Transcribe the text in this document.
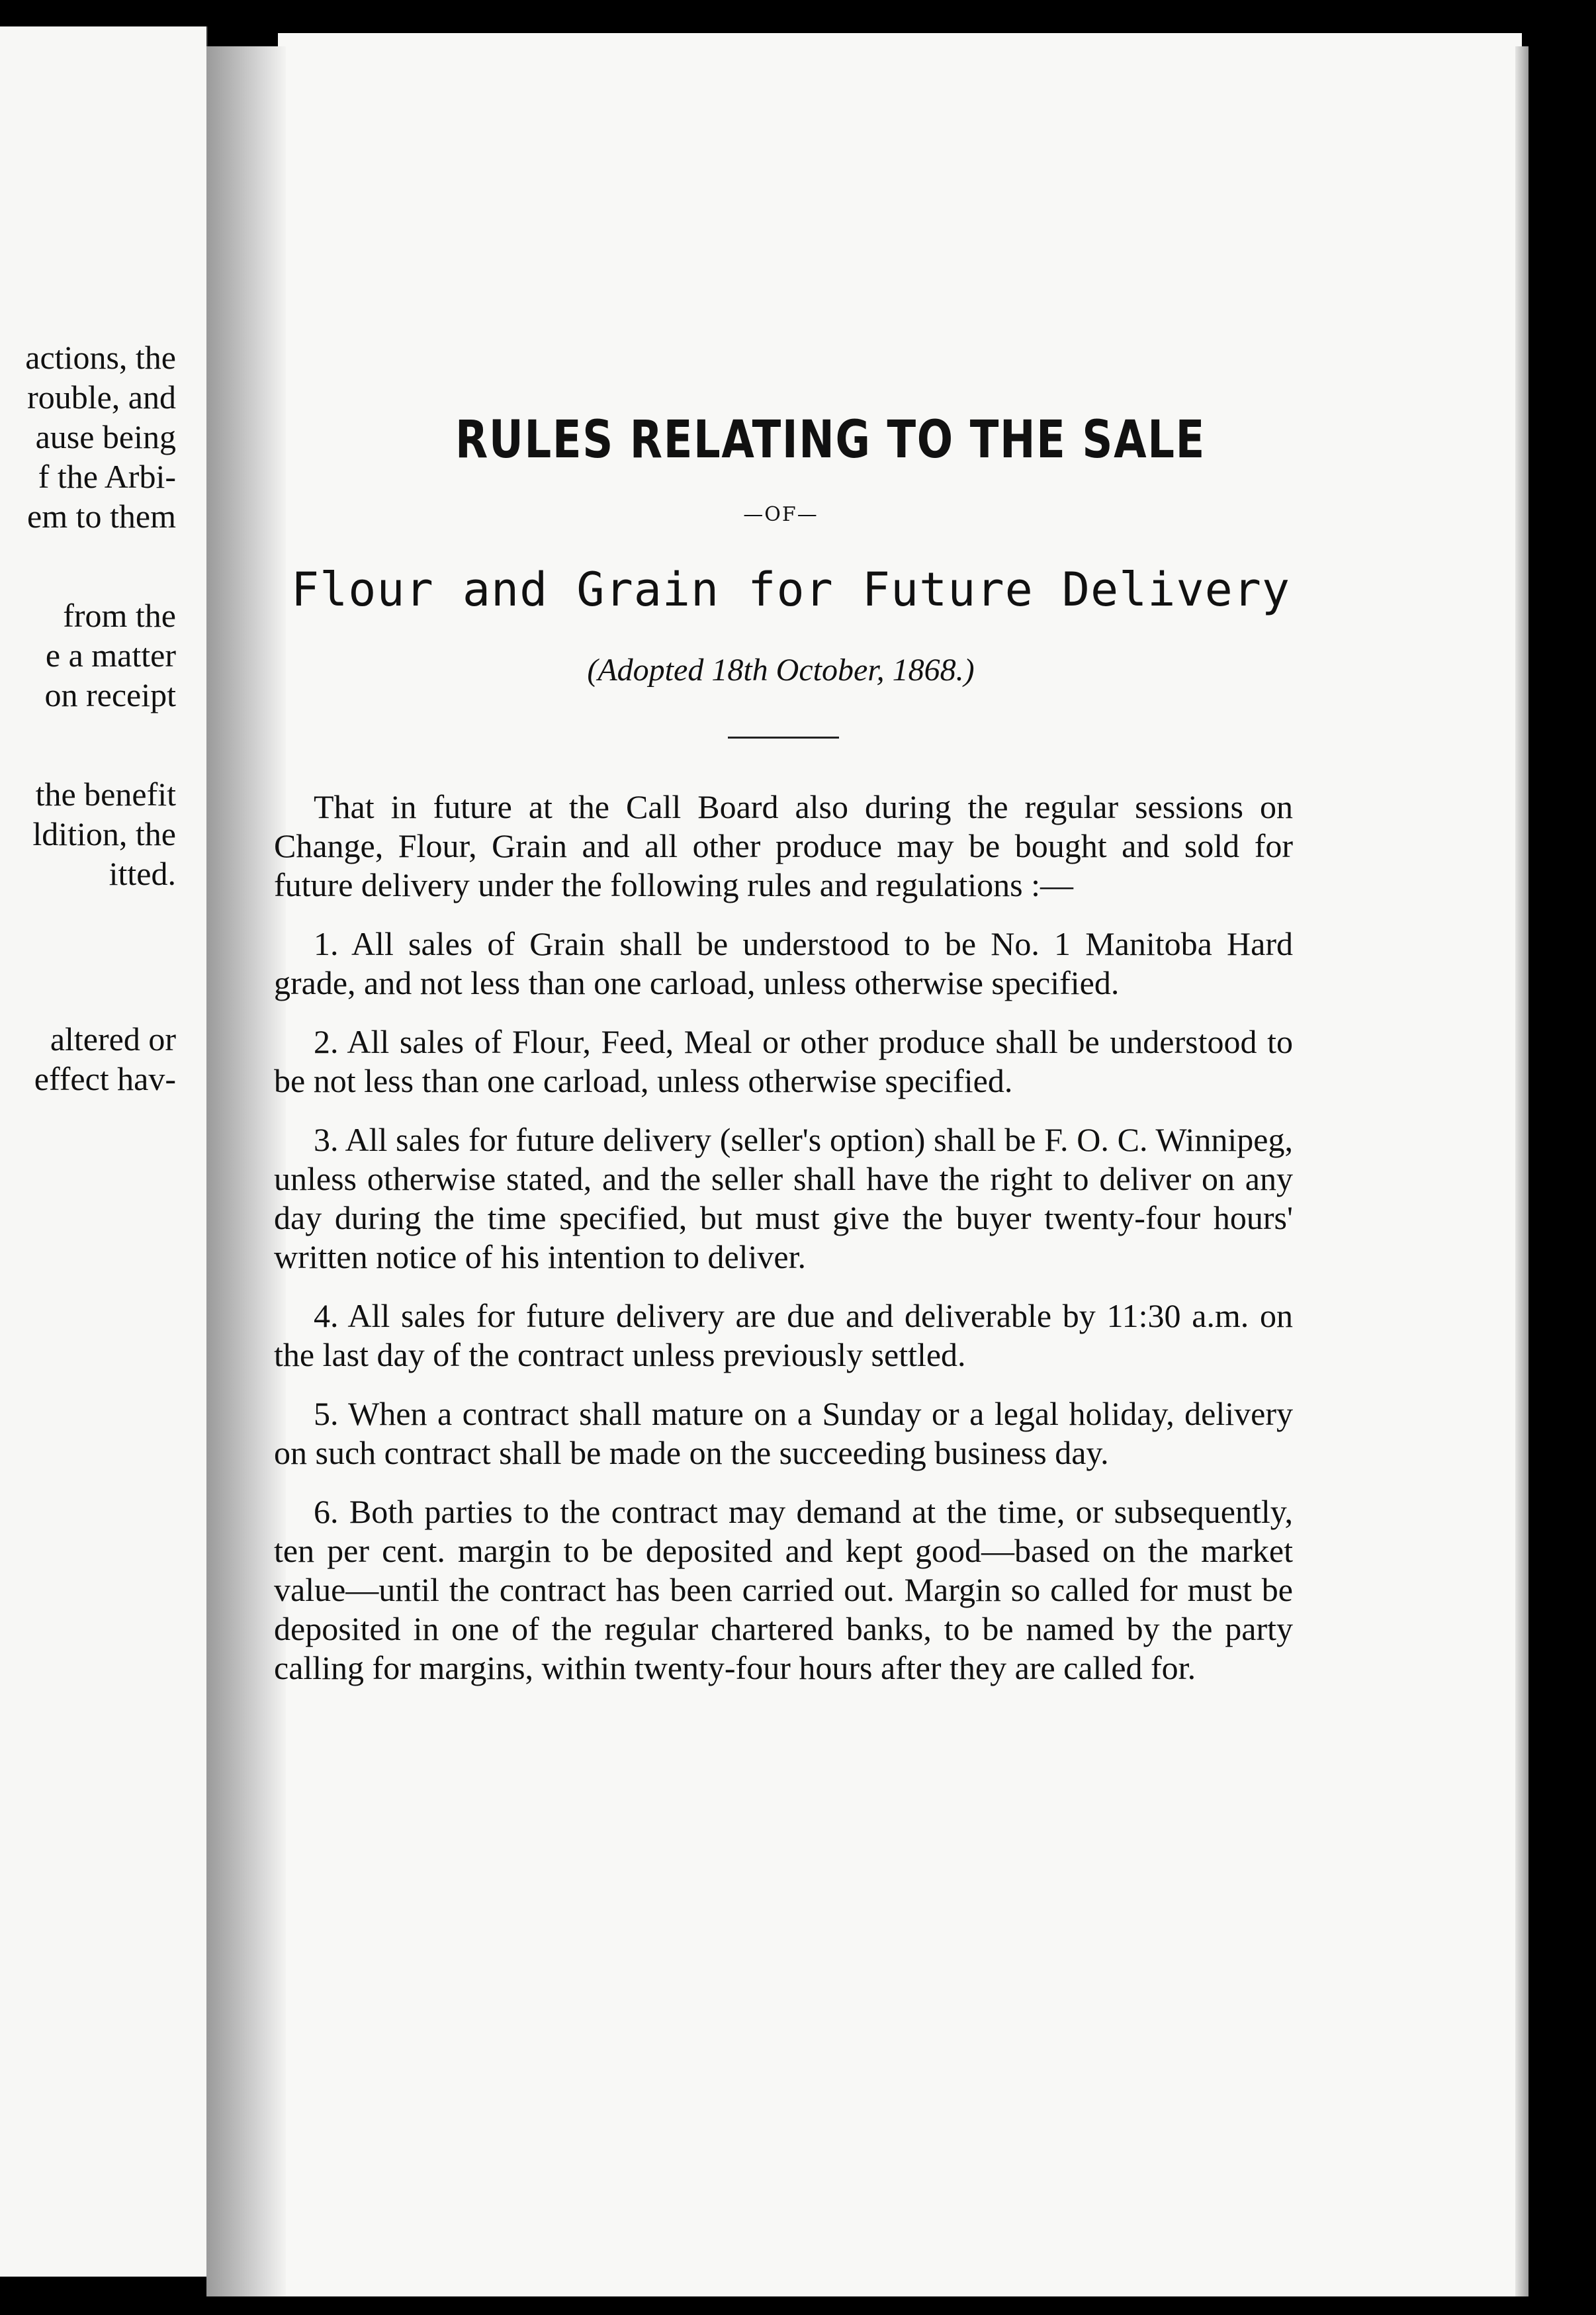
actions, the
rouble, and
ause being
f the Arbi-
em to them
from the
e a matter
on receipt
the benefit
ldition, the
itted.
altered or
effect hav-
RULES RELATING TO THE SALE
—OF—
Flour and Grain for Future Delivery
(Adopted 18th October, 1868.)

That in future at the Call Board also during the regular sessions on Change, Flour, Grain and all other produce may be bought and sold for future delivery under the following rules and regulations :—

1. All sales of Grain shall be understood to be No. 1 Manitoba Hard grade, and not less than one carload, unless otherwise specified.

2. All sales of Flour, Feed, Meal or other produce shall be understood to be not less than one carload, unless otherwise specified.

3. All sales for future delivery (seller's option) shall be F. O. C. Winnipeg, unless otherwise stated, and the seller shall have the right to deliver on any day during the time specified, but must give the buyer twenty-four hours' written notice of his intention to deliver.

4. All sales for future delivery are due and deliverable by 11:30 a.m. on the last day of the contract unless previously settled.

5. When a contract shall mature on a Sunday or a legal holiday, delivery on such contract shall be made on the succeeding business day.

6. Both parties to the contract may demand at the time, or subsequently, ten per cent. margin to be deposited and kept good—based on the market value—until the contract has been carried out. Margin so called for must be deposited in one of the regular chartered banks, to be named by the party calling for margins, within twenty-four hours after they are called for.
